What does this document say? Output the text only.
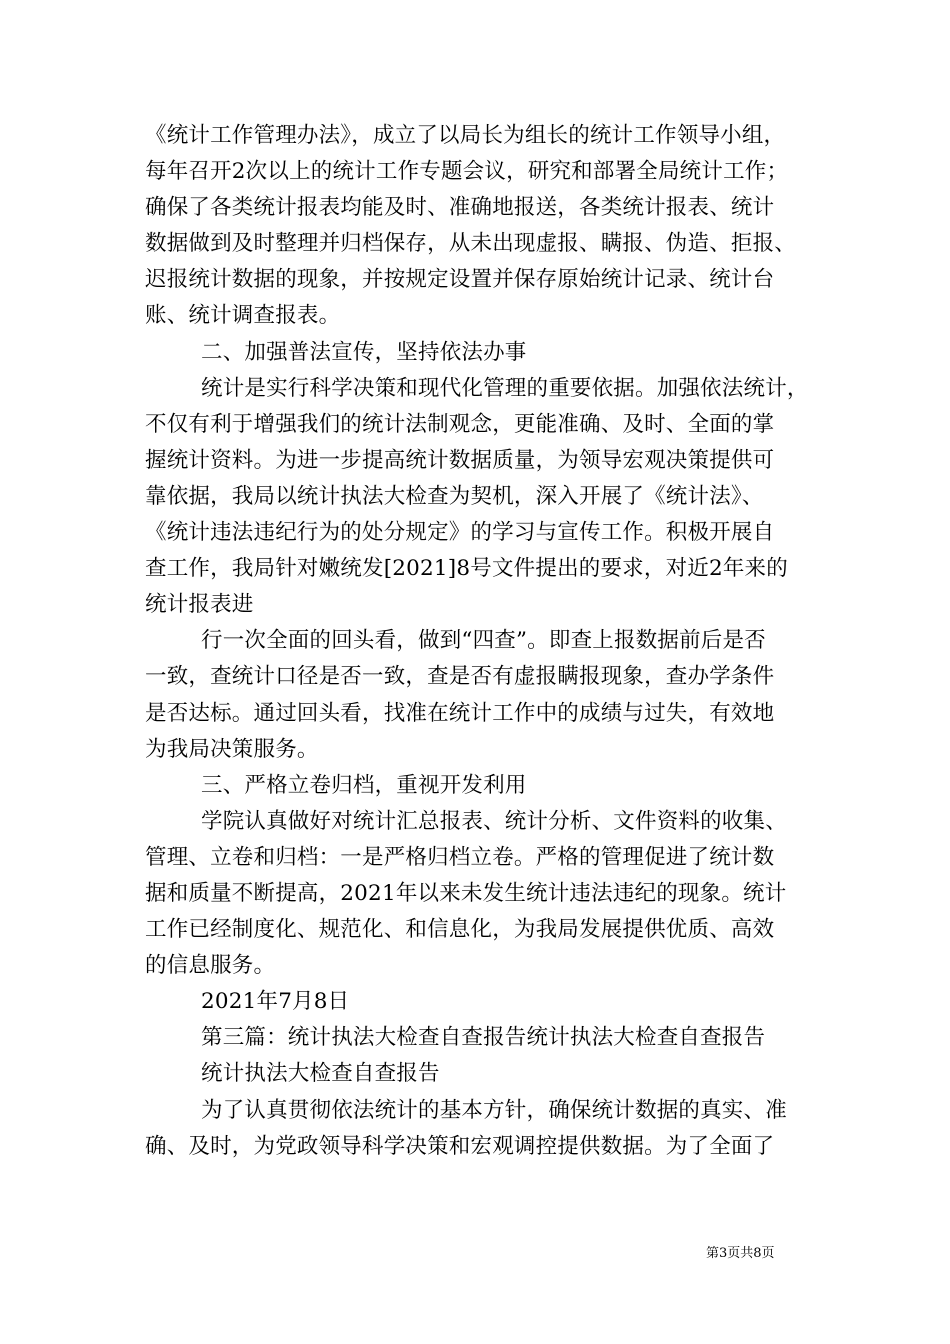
《统计工作管理办法》，成立了以局长为组长的统计工作领导小组，
每年召开2次以上的统计工作专题会议，研究和部署全局统计工作；
确保了各类统计报表均能及时、准确地报送，各类统计报表、统计
数据做到及时整理并归档保存，从未出现虚报、瞒报、伪造、拒报、
迟报统计数据的现象，并按规定设置并保存原始统计记录、统计台
账、统计调查报表。
二、加强普法宣传，坚持依法办事
统计是实行科学决策和现代化管理的重要依据。加强依法统计，
不仅有利于增强我们的统计法制观念，更能准确、及时、全面的掌
握统计资料。为进一步提高统计数据质量，为领导宏观决策提供可
靠依据，我局以统计执法大检查为契机，深入开展了《统计法》、
《统计违法违纪行为的处分规定》的学习与宣传工作。积极开展自
查工作，我局针对嫩统发[2021]8号文件提出的要求，对近2年来的
统计报表进
行一次全面的回头看，做到“四查”。即查上报数据前后是否
一致，查统计口径是否一致，查是否有虚报瞒报现象，查办学条件
是否达标。通过回头看，找准在统计工作中的成绩与过失，有效地
为我局决策服务。
三、严格立卷归档，重视开发利用
学院认真做好对统计汇总报表、统计分析、文件资料的收集、
管理、立卷和归档：一是严格归档立卷。严格的管理促进了统计数
据和质量不断提高，2021年以来未发生统计违法违纪的现象。统计
工作已经制度化、规范化、和信息化，为我局发展提供优质、高效
的信息服务。
2021年7月8日
第三篇：统计执法大检查自查报告统计执法大检查自查报告
统计执法大检查自查报告
为了认真贯彻依法统计的基本方针，确保统计数据的真实、准
确、及时，为党政领导科学决策和宏观调控提供数据。为了全面了
第3页共8页
